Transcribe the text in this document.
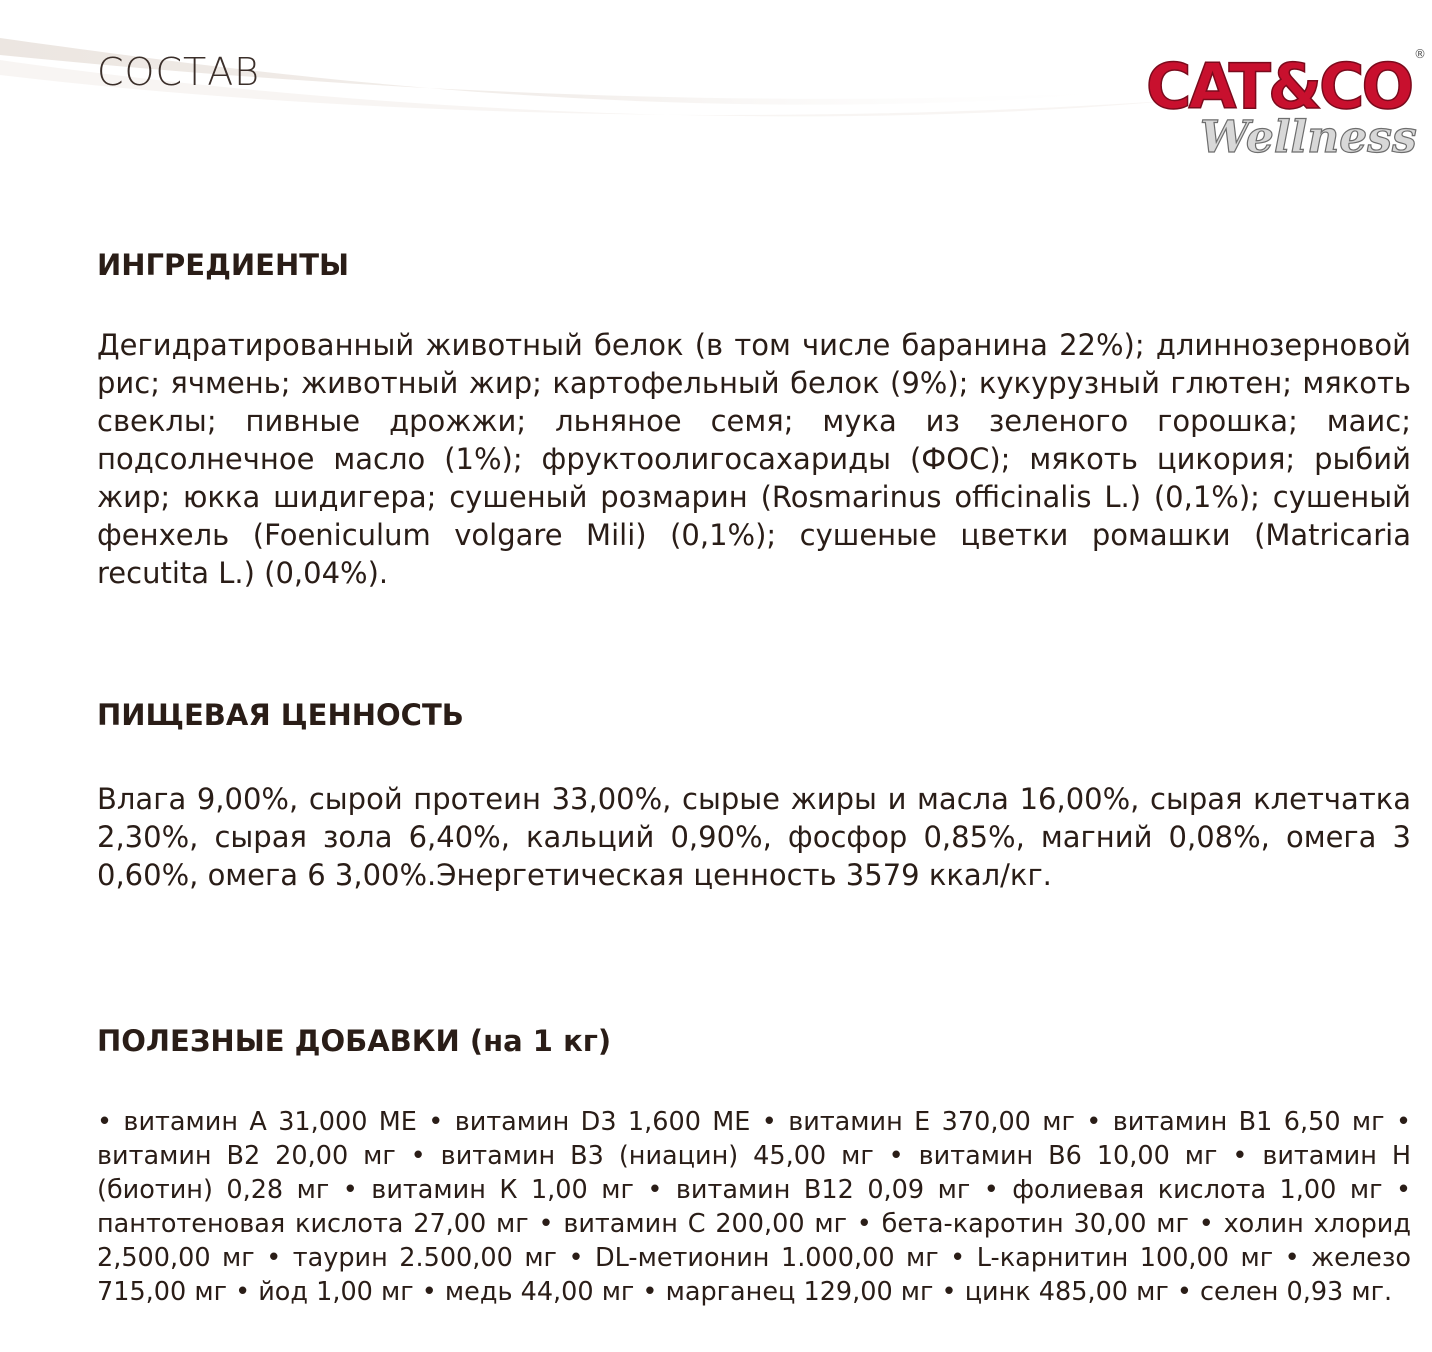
СОСТАВ	CAT&CO ®
Wellness
ИНГРЕДИЕНТЫ

Дегидратированный животный белок (в том числе баранина 22%); длиннозерновой рис; ячмень; животный жир; картофельный белок (9%); кукурузный глютен; мякоть свеклы; пивные дрожжи; льняное семя; мука из зеленого горошка; маис; подсолнечное масло (1%); фруктоолигосахариды (ФОС); мякоть цикория; рыбий жир; юкка шидигера; сушеный розмарин (Rosmarinus officinalis L.) (0,1%); сушеный фенхель (Foeniculum volgare Mili) (0,1%); сушеные цветки ромашки (Matricaria recutita L.) (0,04%).

ПИЩЕВАЯ ЦЕННОСТЬ

Влага 9,00%, сырой протеин 33,00%, сырые жиры и масла 16,00%, сырая клетчатка 2,30%, сырая зола 6,40%, кальций 0,90%, фосфор 0,85%, магний 0,08%, омега 3 0,60%, омега 6 3,00%.Энергетическая ценность 3579 ккал/кг.

ПОЛЕЗНЫЕ ДОБАВКИ (на 1 кг)

• витамин А 31,000 МЕ • витамин D3 1,600 МЕ • витамин Е 370,00 мг • витамин В1 6,50 мг • витамин В2 20,00 мг • витамин В3 (ниацин) 45,00 мг • витамин В6 10,00 мг • витамин Н (биотин) 0,28 мг • витамин К 1,00 мг • витамин В12 0,09 мг • фолиевая кислота 1,00 мг • пантотеновая кислота 27,00 мг • витамин С 200,00 мг • бета-каротин 30,00 мг • холин хлорид 2,500,00 мг • таурин 2.500,00 мг • DL-метионин 1.000,00 мг • L-карнитин 100,00 мг • железо 715,00 мг • йод 1,00 мг • медь 44,00 мг • марганец 129,00 мг • цинк 485,00 мг • селен 0,93 мг.
